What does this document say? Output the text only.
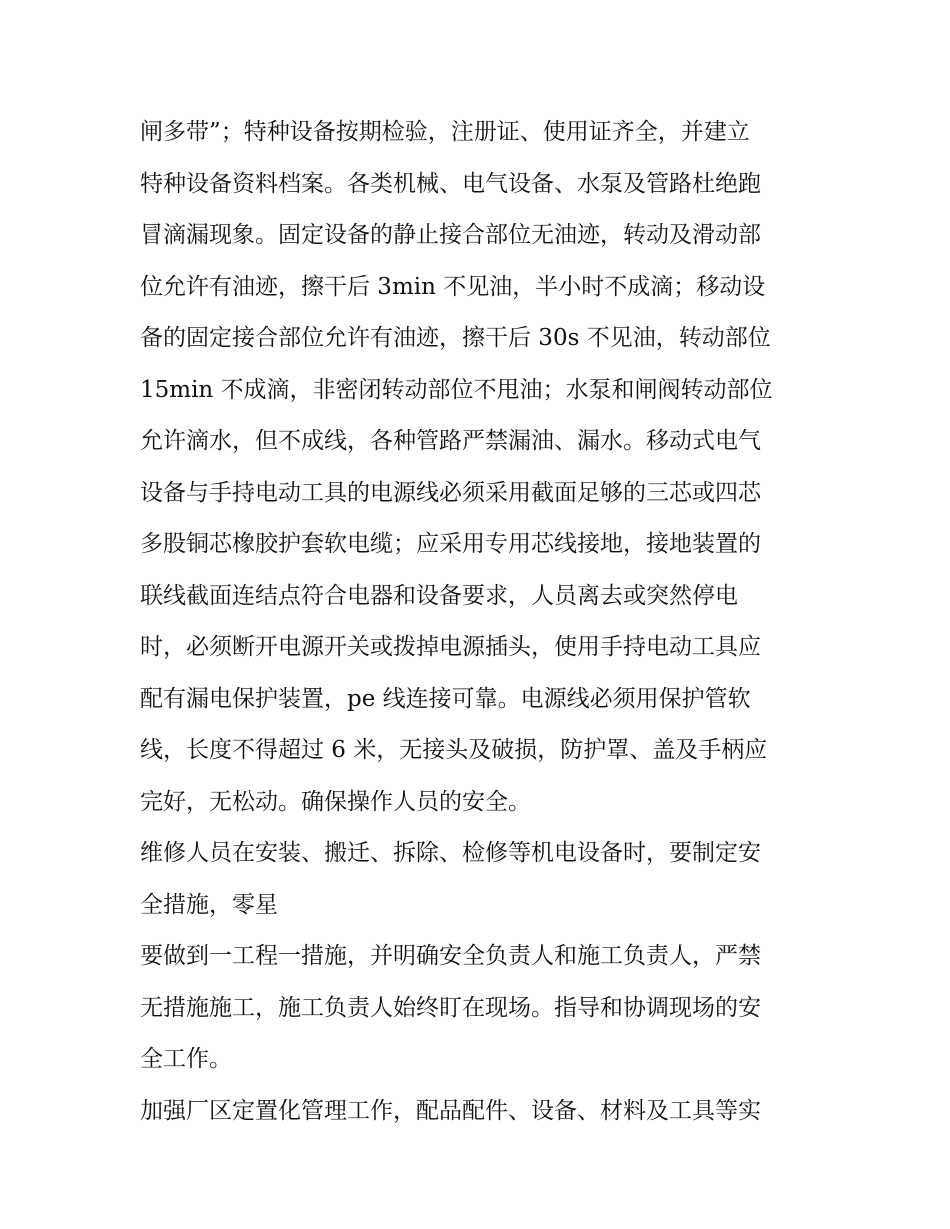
闸多带”；特种设备按期检验，注册证、使用证齐全，并建立
特种设备资料档案。各类机械、电气设备、水泵及管路杜绝跑
冒滴漏现象。固定设备的静止接合部位无油迹，转动及滑动部
位允许有油迹，擦干后 3min 不见油，半小时不成滴；移动设
备的固定接合部位允许有油迹，擦干后 30s 不见油，转动部位
15min 不成滴，非密闭转动部位不甩油；水泵和闸阀转动部位
允许滴水，但不成线，各种管路严禁漏油、漏水。移动式电气
设备与手持电动工具的电源线必须采用截面足够的三芯或四芯
多股铜芯橡胶护套软电缆；应采用专用芯线接地，接地装置的
联线截面连结点符合电器和设备要求，人员离去或突然停电
时，必须断开电源开关或拨掉电源插头，使用手持电动工具应
配有漏电保护装置，pe 线连接可靠。电源线必须用保护管软
线，长度不得超过 6 米，无接头及破损，防护罩、盖及手柄应
完好，无松动。确保操作人员的安全。
维修人员在安装、搬迁、拆除、检修等机电设备时，要制定安
全措施，零星
要做到一工程一措施，并明确安全负责人和施工负责人，严禁
无措施施工，施工负责人始终盯在现场。指导和协调现场的安
全工作。
加强厂区定置化管理工作，配品配件、设备、材料及工具等实
